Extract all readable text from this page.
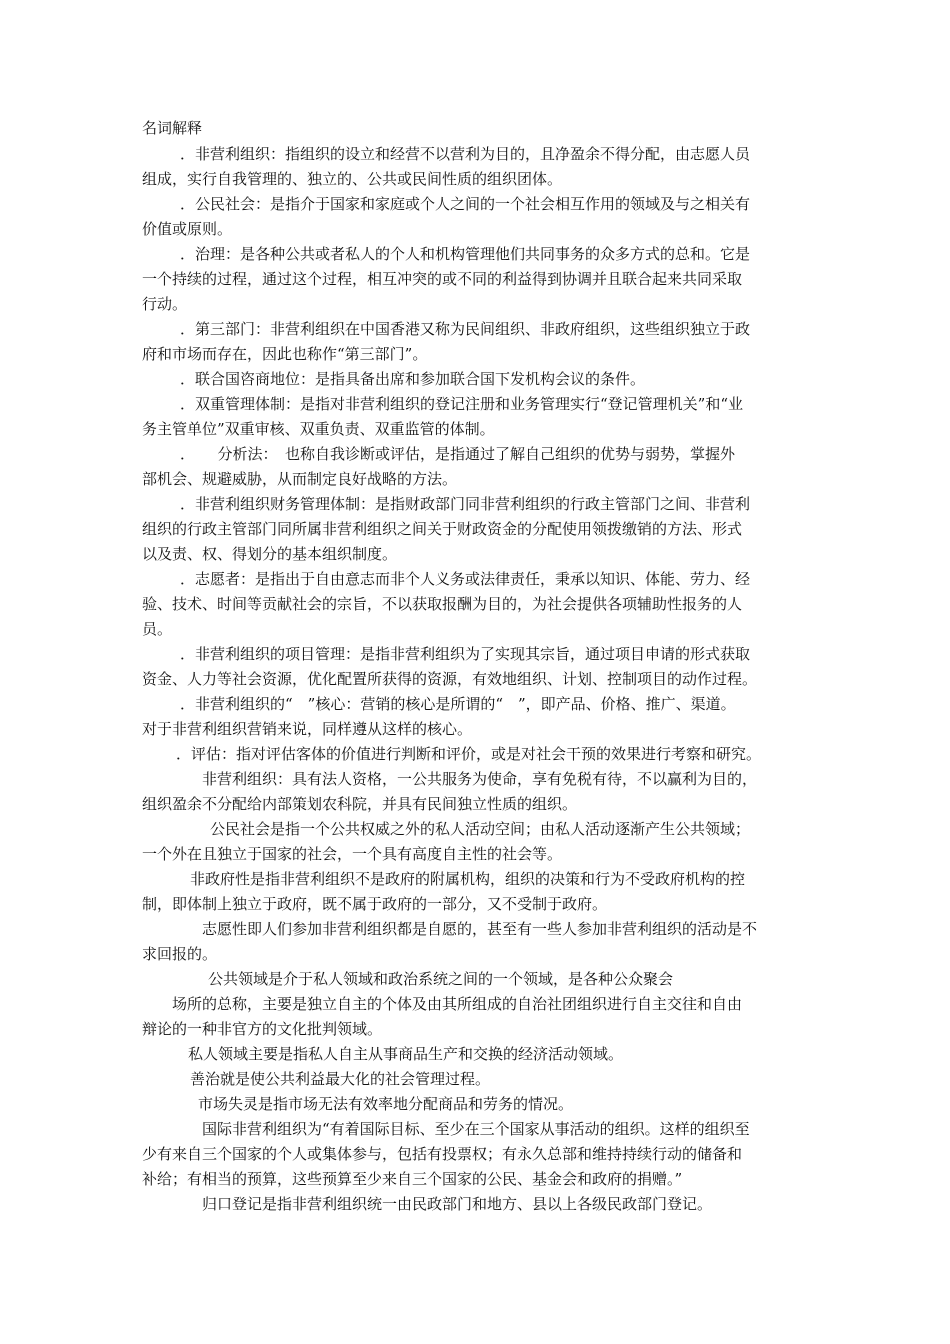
名词解释
．非营利组织：指组织的设立和经营不以营利为目的，且净盈余不得分配，由志愿人员
组成，实行自我管理的、独立的、公共或民间性质的组织团体。
．公民社会：是指介于国家和家庭或个人之间的一个社会相互作用的领域及与之相关有
价值或原则。
．治理：是各种公共或者私人的个人和机构管理他们共同事务的众多方式的总和。它是
一个持续的过程，通过这个过程，相互冲突的或不同的利益得到协调并且联合起来共同采取
行动。
．第三部门：非营利组织在中国香港又称为民间组织、非政府组织，这些组织独立于政
府和市场而存在，因此也称作“第三部门”。
．联合国咨商地位：是指具备出席和参加联合国下发机构会议的条件。
．双重管理体制：是指对非营利组织的登记注册和业务管理实行“登记管理机关”和“业
务主管单位”双重审核、双重负责、双重监管的体制。
．　　分析法：　也称自我诊断或评估，是指通过了解自己组织的优势与弱势，掌握外
部机会、规避威胁，从而制定良好战略的方法。
．非营利组织财务管理体制：是指财政部门同非营利组织的行政主管部门之间、非营利
组织的行政主管部门同所属非营利组织之间关于财政资金的分配使用领拨缴销的方法、形式
以及责、权、得划分的基本组织制度。
．志愿者：是指出于自由意志而非个人义务或法律责任，秉承以知识、体能、劳力、经
验、技术、时间等贡献社会的宗旨，不以获取报酬为目的，为社会提供各项辅助性报务的人
员。
．非营利组织的项目管理：是指非营利组织为了实现其宗旨，通过项目申请的形式获取
资金、人力等社会资源，优化配置所获得的资源，有效地组织、计划、控制项目的动作过程。
．非营利组织的“　”核心：营销的核心是所谓的“　”，即产品、价格、推广、渠道。
对于非营利组织营销来说，同样遵从这样的核心。
．评估：指对评估客体的价值进行判断和评价，或是对社会干预的效果进行考察和研究。
非营利组织：具有法人资格，一公共服务为使命，享有免税有待，不以赢利为目的，
组织盈余不分配给内部策划农科院，并具有民间独立性质的组织。
公民社会是指一个公共权威之外的私人活动空间；由私人活动逐渐产生公共领域；
一个外在且独立于国家的社会，一个具有高度自主性的社会等。
非政府性是指非营利组织不是政府的附属机构，组织的决策和行为不受政府机构的控
制，即体制上独立于政府，既不属于政府的一部分，又不受制于政府。
志愿性即人们参加非营利组织都是自愿的，甚至有一些人参加非营利组织的活动是不
求回报的。
公共领域是介于私人领域和政治系统之间的一个领域，是各种公众聚会
场所的总称，主要是独立自主的个体及由其所组成的自治社团组织进行自主交往和自由
辩论的一种非官方的文化批判领域。
私人领域主要是指私人自主从事商品生产和交换的经济活动领域。
善治就是使公共利益最大化的社会管理过程。
市场失灵是指市场无法有效率地分配商品和劳务的情况。
国际非营利组织为“有着国际目标、至少在三个国家从事活动的组织。这样的组织至
少有来自三个国家的个人或集体参与，包括有投票权；有永久总部和维持持续行动的储备和
补给；有相当的预算，这些预算至少来自三个国家的公民、基金会和政府的捐赠。”
归口登记是指非营利组织统一由民政部门和地方、县以上各级民政部门登记。
